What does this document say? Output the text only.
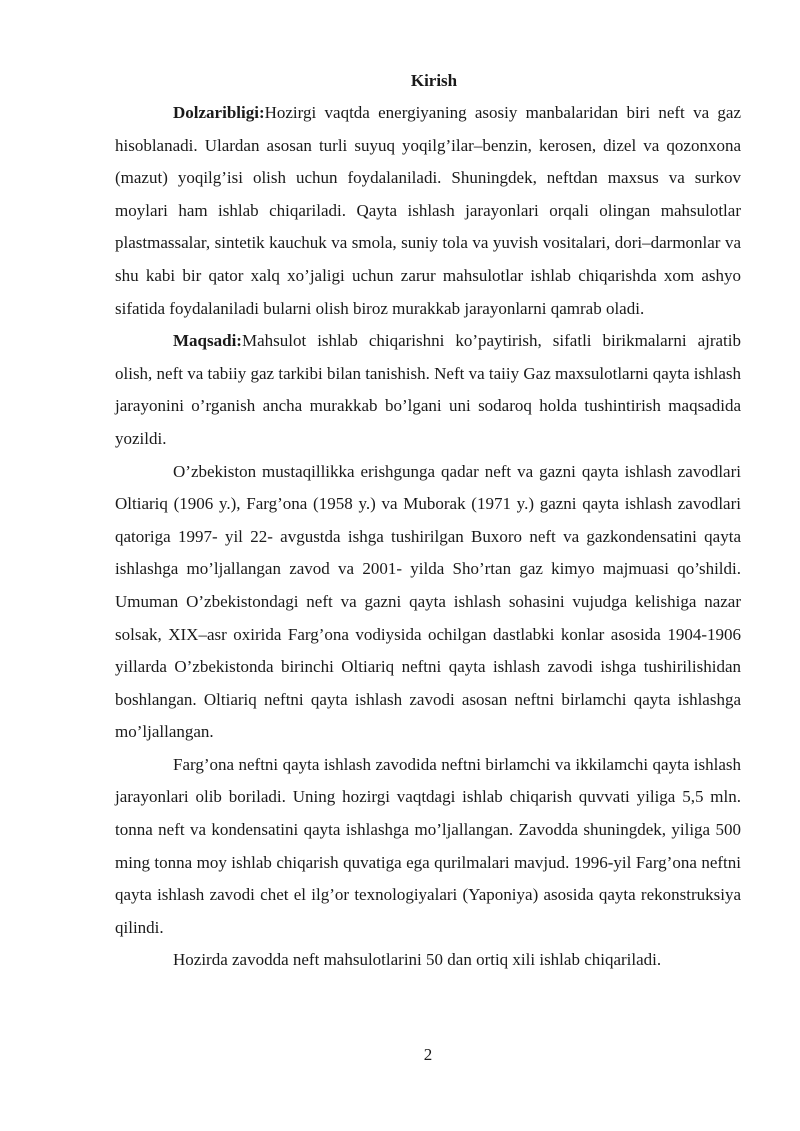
Kirish

Dolzaribligi:Hozirgi vaqtda energiyaning asosiy manbalaridan biri neft va gaz hisoblanadi. Ulardan asosan turli suyuq yoqilg’ilar–benzin, kerosen, dizel va qozonxona (mazut) yoqilg’isi olish uchun foydalaniladi. Shuningdek, neftdan maxsus va surkov moylari ham ishlab chiqariladi. Qayta ishlash jarayonlari orqali olingan mahsulotlar plastmassalar, sintetik kauchuk va smola, suniy tola va yuvish vositalari, dori–darmonlar va shu kabi bir qator xalq xo’jaligi uchun zarur mahsulotlar ishlab chiqarishda xom ashyo sifatida foydalaniladi bularni olish biroz murakkab jarayonlarni qamrab oladi.

Maqsadi:Mahsulot ishlab chiqarishni ko’paytirish, sifatli birikmalarni ajratib olish, neft va tabiiy gaz tarkibi bilan tanishish. Neft va taiiy Gaz maxsulotlarni qayta ishlash jarayonini o’rganish ancha murakkab bo’lgani uni sodaroq holda tushintirish maqsadida yozildi.

O’zbekiston mustaqillikka erishgunga qadar neft va gazni qayta ishlash zavodlari Oltiariq (1906 y.), Farg’ona (1958 y.) va Muborak (1971 y.) gazni qayta ishlash zavodlari qatoriga 1997- yil 22- avgustda ishga tushirilgan Buxoro neft va gazkondensatini qayta ishlashga mo’ljallangan zavod va 2001- yilda Sho’rtan gaz kimyo majmuasi qo’shildi. Umuman O’zbekistondagi neft va gazni qayta ishlash sohasini vujudga kelishiga nazar solsak, XIX–asr oxirida Farg’ona vodiysida ochilgan dastlabki konlar asosida 1904-1906 yillarda O’zbekistonda birinchi Oltiariq neftni qayta ishlash zavodi ishga tushirilishidan boshlangan. Oltiariq neftni qayta ishlash zavodi asosan neftni birlamchi qayta ishlashga mo’ljallangan.

Farg’ona neftni qayta ishlash zavodida neftni birlamchi va ikkilamchi qayta ishlash jarayonlari olib boriladi. Uning hozirgi vaqtdagi ishlab chiqarish quvvati yiliga 5,5 mln. tonna neft va kondensatini qayta ishlashga mo’ljallangan. Zavodda shuningdek, yiliga 500 ming tonna moy ishlab chiqarish quvatiga ega qurilmalari mavjud. 1996-yil Farg’ona neftni qayta ishlash zavodi chet el ilg’or texnologiyalari (Yaponiya) asosida qayta rekonstruksiya qilindi.

Hozirda zavodda neft mahsulotlarini 50 dan ortiq xili ishlab chiqariladi.

2
